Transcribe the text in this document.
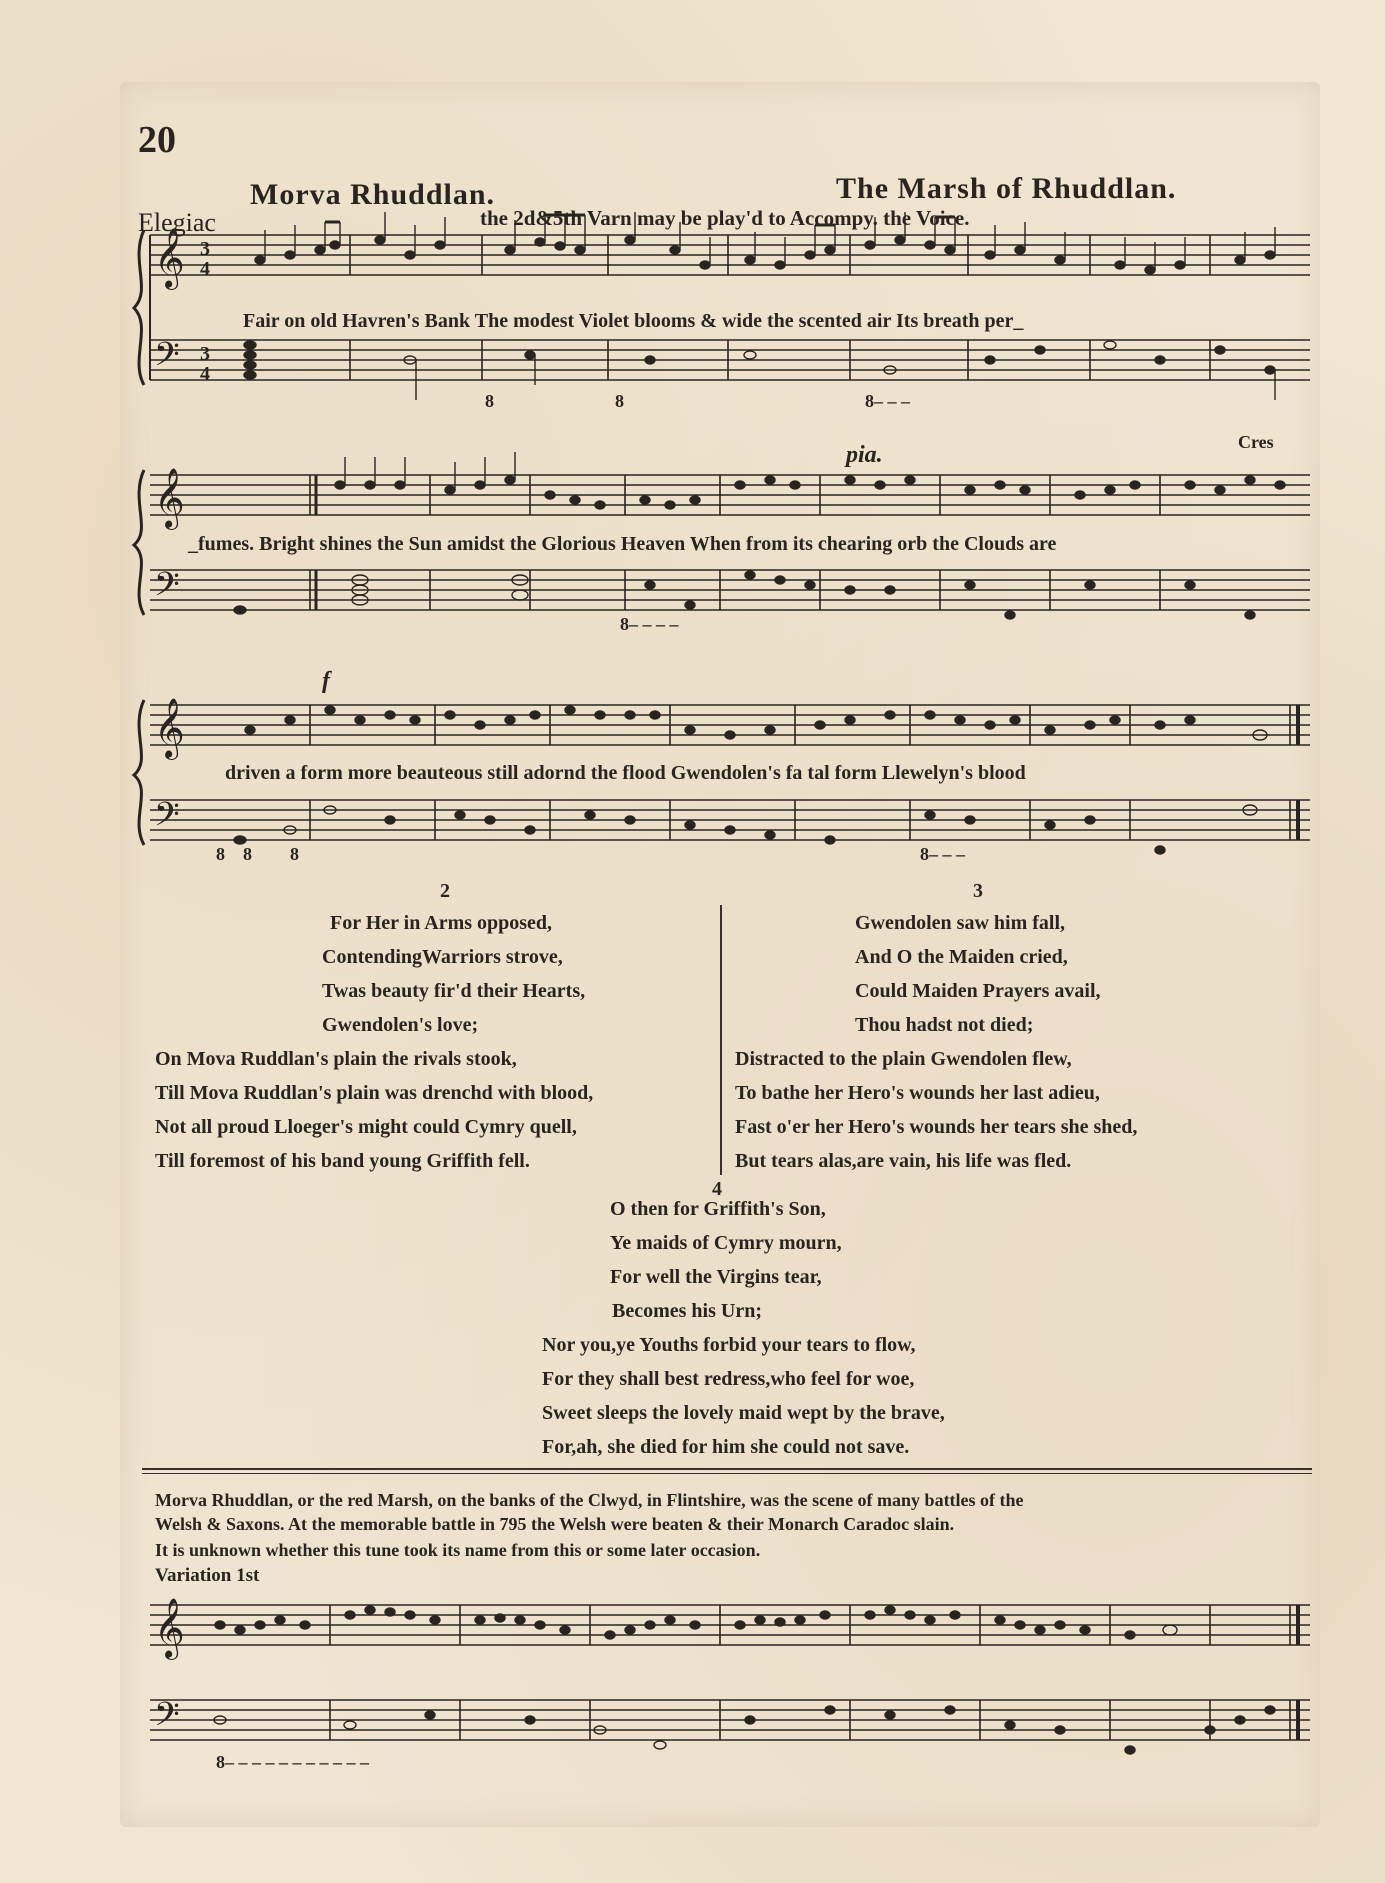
20
Morva Rhuddlan.	The Marsh of Rhuddlan.
Elegiac	the 2d&5th Varn may be play'd to Accompy. the Voice.
𝄞
𝄢
3
4
3
4
8	8	8– – –
Fair on old Havren's Bank The modest Violet blooms & wide the scented air Its breath per_
𝄞
𝄢
8– – – –
pia.	Cres
_fumes. Bright shines the Sun amidst the Glorious Heaven When from its chearing orb the Clouds are
𝄞
𝄢
8 8 8	8– – –
f
driven a form more beauteous still adornd the flood Gwendolen's fa tal form Llewelyn's blood
2	3
For Her in Arms opposed,
ContendingWarriors strove,
Twas beauty fir'd their Hearts,
Gwendolen's love;
On Mova Ruddlan's plain the rivals stook,
Till Mova Ruddlan's plain was drenchd with blood,
Not all proud Lloeger's might could Cymry quell,
Till foremost of his band young Griffith fell.
Gwendolen saw him fall,
And O the Maiden cried,
Could Maiden Prayers avail,
Thou hadst not died;
Distracted to the plain Gwendolen flew,
To bathe her Hero's wounds her last adieu,
Fast o'er her Hero's wounds her tears she shed,
But tears alas,are vain, his life was fled.
4
O then for Griffith's Son,
Ye maids of Cymry mourn,
For well the Virgins tear,
Becomes his Urn;
Nor you,ye Youths forbid your tears to flow,
For they shall best redress,who feel for woe,
Sweet sleeps the lovely maid wept by the brave,
For,ah, she died for him she could not save.
Morva Rhuddlan, or the red Marsh, on the banks of the Clwyd, in Flintshire, was the scene of many battles of the
Welsh & Saxons. At the memorable battle in 795 the Welsh were beaten & their Monarch Caradoc slain.
It is unknown whether this tune took its name from this or some later occasion.
Variation 1st
𝄞
𝄢
8– – – – – – – – – – –
